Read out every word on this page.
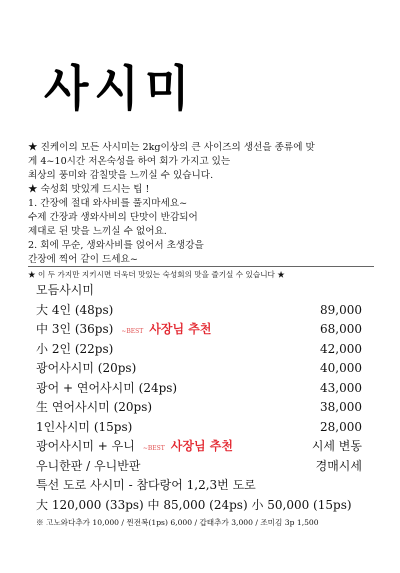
사시미
★ 진케이의 모든 사시미는 2kg이상의 큰 사이즈의 생선을 종류에 맞
게 4~10시간 저온숙성을 하여 회가 가지고 있는
최상의 풍미와 감칠맛을 느끼실 수 있습니다.
★ 숙성회 맛있게 드시는 팁 !
1. 간장에 절대 와사비를 풀지마세요~
수제 간장과 생와사비의 단맛이 반감되어
제대로 된 맛을 느끼실 수 없어요.
2. 회에 무순, 생와사비를 얹어서 초생강을
간장에 찍어 같이 드세요~
★ 이 두 가지만 지키시면 더욱더 맛있는 숙성회의 맛을 즐기실 수 있습니다 ★
모듬사시미
大 4인 (48ps)	89,000
中 3인 (36ps) ~BEST 사장님 추천	68,000
小 2인 (22ps)	42,000
광어사시미 (20ps)	40,000
광어 + 연어사시미 (24ps)	43,000
生 연어사시미 (20ps)	38,000
1인사시미 (15ps)	28,000
광어사시미 + 우니 ~BEST 사장님 추천	시세 변동
우니한판 / 우니반판	경매시세
특선 도로 사시미 - 참다랑어 1,2,3번 도로
大 120,000 (33ps) 中 85,000 (24ps) 小 50,000 (15ps)
※ 고노와다추가 10,000 / 찐전복(1ps) 6,000 / 갑태추가 3,000 / 조미김 3p 1,500
